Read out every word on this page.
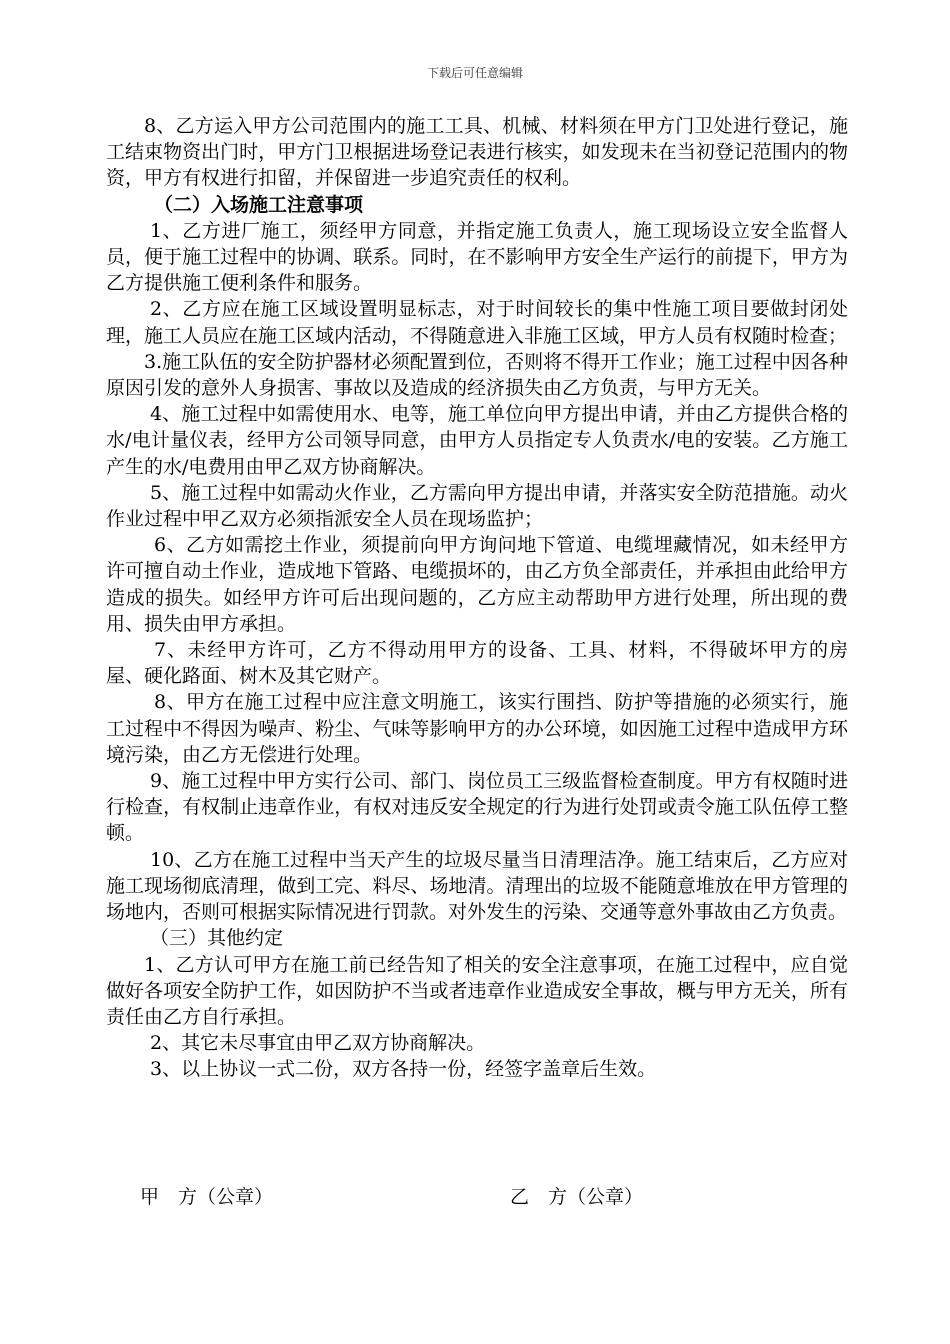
下载后可任意编辑

8、乙方运入甲方公司范围内的施工工具、机械、材料须在甲方门卫处进行登记，施工结束物资出门时，甲方门卫根据进场登记表进行核实，如发现未在当初登记范围内的物资，甲方有权进行扣留，并保留进一步追究责任的权利。

（二）入场施工注意事项

1、乙方进厂施工，须经甲方同意，并指定施工负责人，施工现场设立安全监督人员，便于施工过程中的协调、联系。同时，在不影响甲方安全生产运行的前提下，甲方为乙方提供施工便利条件和服务。

2、乙方应在施工区域设置明显标志，对于时间较长的集中性施工项目要做封闭处理，施工人员应在施工区域内活动，不得随意进入非施工区域，甲方人员有权随时检查；

3.施工队伍的安全防护器材必须配置到位，否则将不得开工作业；施工过程中因各种原因引发的意外人身损害、事故以及造成的经济损失由乙方负责，与甲方无关。

4、施工过程中如需使用水、电等，施工单位向甲方提出申请，并由乙方提供合格的水/电计量仪表，经甲方公司领导同意，由甲方人员指定专人负责水/电的安装。乙方施工产生的水/电费用由甲乙双方协商解决。

5、施工过程中如需动火作业，乙方需向甲方提出申请，并落实安全防范措施。动火作业过程中甲乙双方必须指派安全人员在现场监护；

6、乙方如需挖土作业，须提前向甲方询问地下管道、电缆埋藏情况，如未经甲方许可擅自动土作业，造成地下管路、电缆损坏的，由乙方负全部责任，并承担由此给甲方造成的损失。如经甲方许可后出现问题的，乙方应主动帮助甲方进行处理，所出现的费用、损失由甲方承担。

7、未经甲方许可，乙方不得动用甲方的设备、工具、材料，不得破坏甲方的房屋、硬化路面、树木及其它财产。

8、甲方在施工过程中应注意文明施工，该实行围挡、防护等措施的必须实行，施工过程中不得因为噪声、粉尘、气味等影响甲方的办公环境，如因施工过程中造成甲方环境污染，由乙方无偿进行处理。

9、施工过程中甲方实行公司、部门、岗位员工三级监督检查制度。甲方有权随时进行检查，有权制止违章作业，有权对违反安全规定的行为进行处罚或责令施工队伍停工整顿。

10、乙方在施工过程中当天产生的垃圾尽量当日清理洁净。施工结束后，乙方应对施工现场彻底清理，做到工完、料尽、场地清。清理出的垃圾不能随意堆放在甲方管理的场地内，否则可根据实际情况进行罚款。对外发生的污染、交通等意外事故由乙方负责。

（三）其他约定

1、乙方认可甲方在施工前已经告知了相关的安全注意事项，在施工过程中，应自觉做好各项安全防护工作，如因防护不当或者违章作业造成安全事故，概与甲方无关，所有责任由乙方自行承担。

2、其它未尽事宜由甲乙双方协商解决。

3、以上协议一式二份，双方各持一份，经签字盖章后生效。

甲　方（公章）	乙　方（公章）
